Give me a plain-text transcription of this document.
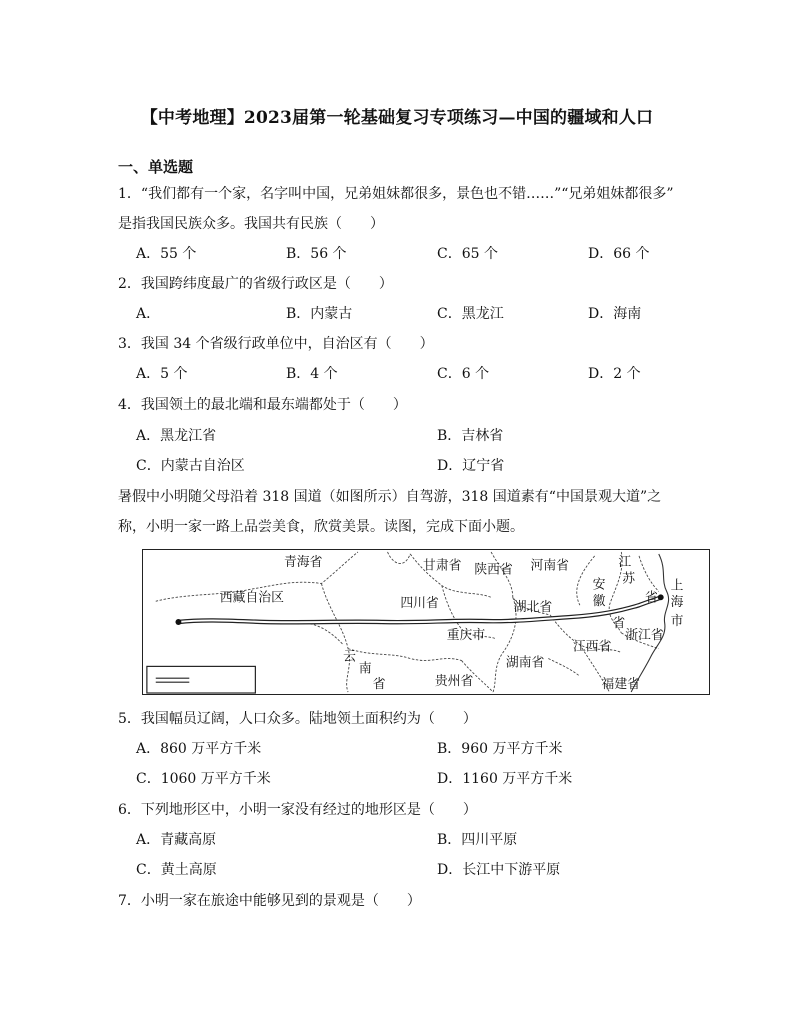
【中考地理】2023届第一轮基础复习专项练习—中国的疆域和人口
一、单选题
1．“我们都有一个家，名字叫中国，兄弟姐妹都很多，景色也不错……”“兄弟姐妹都很多”
是指我国民族众多。我国共有民族（　　）
A．55 个	B．56 个	C．65 个	D．66 个
2．我国跨纬度最广的省级行政区是（　　）
A．	B．内蒙古	C．黑龙江	D．海南
3．我国 34 个省级行政单位中，自治区有（　　）
A．5 个	B．4 个	C．6 个	D．2 个
4．我国领土的最北端和最东端都处于（　　）
A．黑龙江省	B．吉林省
C．内蒙古自治区	D．辽宁省
暑假中小明随父母沿着 318 国道（如图所示）自驾游，318 国道素有“中国景观大道”之
称，小明一家一路上品尝美食，欣赏美景。读图，完成下面小题。
青海省	甘肃省 陕西省 河南省	江
苏
省
安
徽
省
上
海
市
西藏自治区	四川省	湖北省
重庆市	浙江省
云
南
省	贵州省
湖南省
江西省
福建省
5．我国幅员辽阔，人口众多。陆地领土面积约为（　　）
A．860 万平方千米	B．960 万平方千米
C．1060 万平方千米	D．1160 万平方千米
6．下列地形区中，小明一家没有经过的地形区是（　　）
A．青藏高原	B．四川平原
C．黄土高原	D．长江中下游平原
7．小明一家在旅途中能够见到的景观是（　　）
